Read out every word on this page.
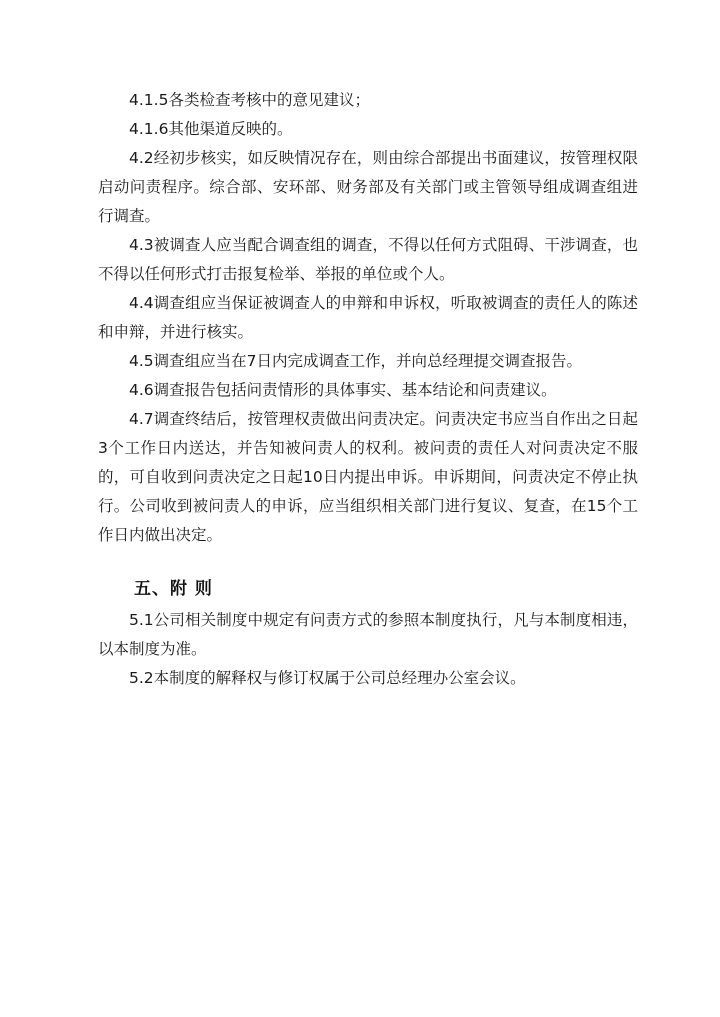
4.1.5各类检查考核中的意见建议；

4.1.6其他渠道反映的。

4.2经初步核实，如反映情况存在，则由综合部提出书面建议，按管理权限启动问责程序。综合部、安环部、财务部及有关部门或主管领导组成调查组进行调查。

4.3被调查人应当配合调查组的调查，不得以任何方式阻碍、干涉调查，也不得以任何形式打击报复检举、举报的单位或个人。

4.4调查组应当保证被调查人的申辩和申诉权，听取被调查的责任人的陈述和申辩，并进行核实。

4.5调查组应当在7日内完成调查工作，并向总经理提交调查报告。

4.6调查报告包括问责情形的具体事实、基本结论和问责建议。

4.7调查终结后，按管理权责做出问责决定。问责决定书应当自作出之日起3个工作日内送达，并告知被问责人的权利。被问责的责任人对问责决定不服的，可自收到问责决定之日起10日内提出申诉。申诉期间，问责决定不停止执行。公司收到被问责人的申诉，应当组织相关部门进行复议、复查，在15个工作日内做出决定。

五、附 则

5.1公司相关制度中规定有问责方式的参照本制度执行，凡与本制度相违，以本制度为准。

5.2本制度的解释权与修订权属于公司总经理办公室会议。
